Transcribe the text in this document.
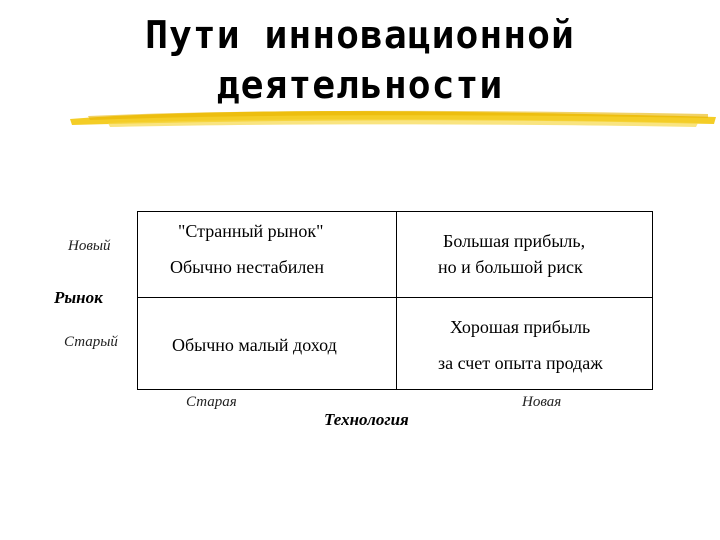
Пути инновационной
деятельности
Новый
Рынок
Старый
"Странный рынок"
Обычно нестабилен
Большая прибыль,
но и большой риск
Обычно малый доход
Хорошая прибыль
за счет опыта продаж
Старая
Технология
Новая
